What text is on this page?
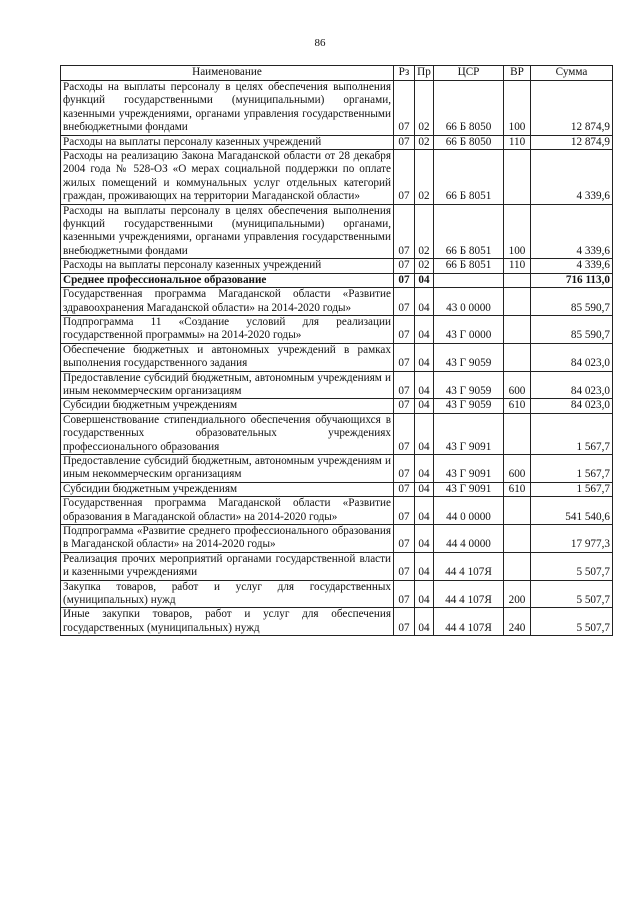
86
Наименование	Рз	Пр	ЦСР	ВР	Сумма
Расходы на выплаты персоналу в целях обеспечения выполнения функций государственными (муниципальными) органами, казенными учреждениями, органами управления государственными внебюджетными фондами	07	02	66 Б 8050	100	12 874,9
Расходы на выплаты персоналу казенных учреждений	07	02	66 Б 8050	110	12 874,9
Расходы на реализацию Закона Магаданской области от 28 декабря 2004 года № 528-ОЗ «О мерах социальной поддержки по оплате жилых помещений и коммунальных услуг отдельных категорий граждан, проживающих на территории Магаданской области»	07	02	66 Б 8051		4 339,6
Расходы на выплаты персоналу в целях обеспечения выполнения функций государственными (муниципальными) органами, казенными учреждениями, органами управления государственными внебюджетными фондами	07	02	66 Б 8051	100	4 339,6
Расходы на выплаты персоналу казенных учреждений	07	02	66 Б 8051	110	4 339,6
Среднее профессиональное образование	07	04			716 113,0
Государственная программа Магаданской области «Развитие здравоохранения Магаданской области» на 2014-2020 годы»	07	04	43 0 0000		85 590,7
Подпрограмма 11 «Создание условий для реализации государственной программы» на 2014-2020 годы»	07	04	43 Г 0000		85 590,7
Обеспечение бюджетных и автономных учреждений в рамках выполнения государственного задания	07	04	43 Г 9059		84 023,0
Предоставление субсидий бюджетным, автономным учреждениям и иным некоммерческим организациям	07	04	43 Г 9059	600	84 023,0
Субсидии бюджетным учреждениям	07	04	43 Г 9059	610	84 023,0
Совершенствование стипендиального обеспечения обучающихся в государственных образовательных учреждениях профессионального образования	07	04	43 Г 9091		1 567,7
Предоставление субсидий бюджетным, автономным учреждениям и иным некоммерческим организациям	07	04	43 Г 9091	600	1 567,7
Субсидии бюджетным учреждениям	07	04	43 Г 9091	610	1 567,7
Государственная программа Магаданской области «Развитие образования в Магаданской области» на 2014-2020 годы»	07	04	44 0 0000		541 540,6
Подпрограмма «Развитие среднего профессионального образования в Магаданской области» на 2014-2020 годы»	07	04	44 4 0000		17 977,3
Реализация прочих мероприятий органами государственной власти и казенными учреждениями	07	04	44 4 107Я		5 507,7
Закупка товаров, работ и услуг для государственных (муниципальных) нужд	07	04	44 4 107Я	200	5 507,7
Иные закупки товаров, работ и услуг для обеспечения государственных (муниципальных) нужд	07	04	44 4 107Я	240	5 507,7
